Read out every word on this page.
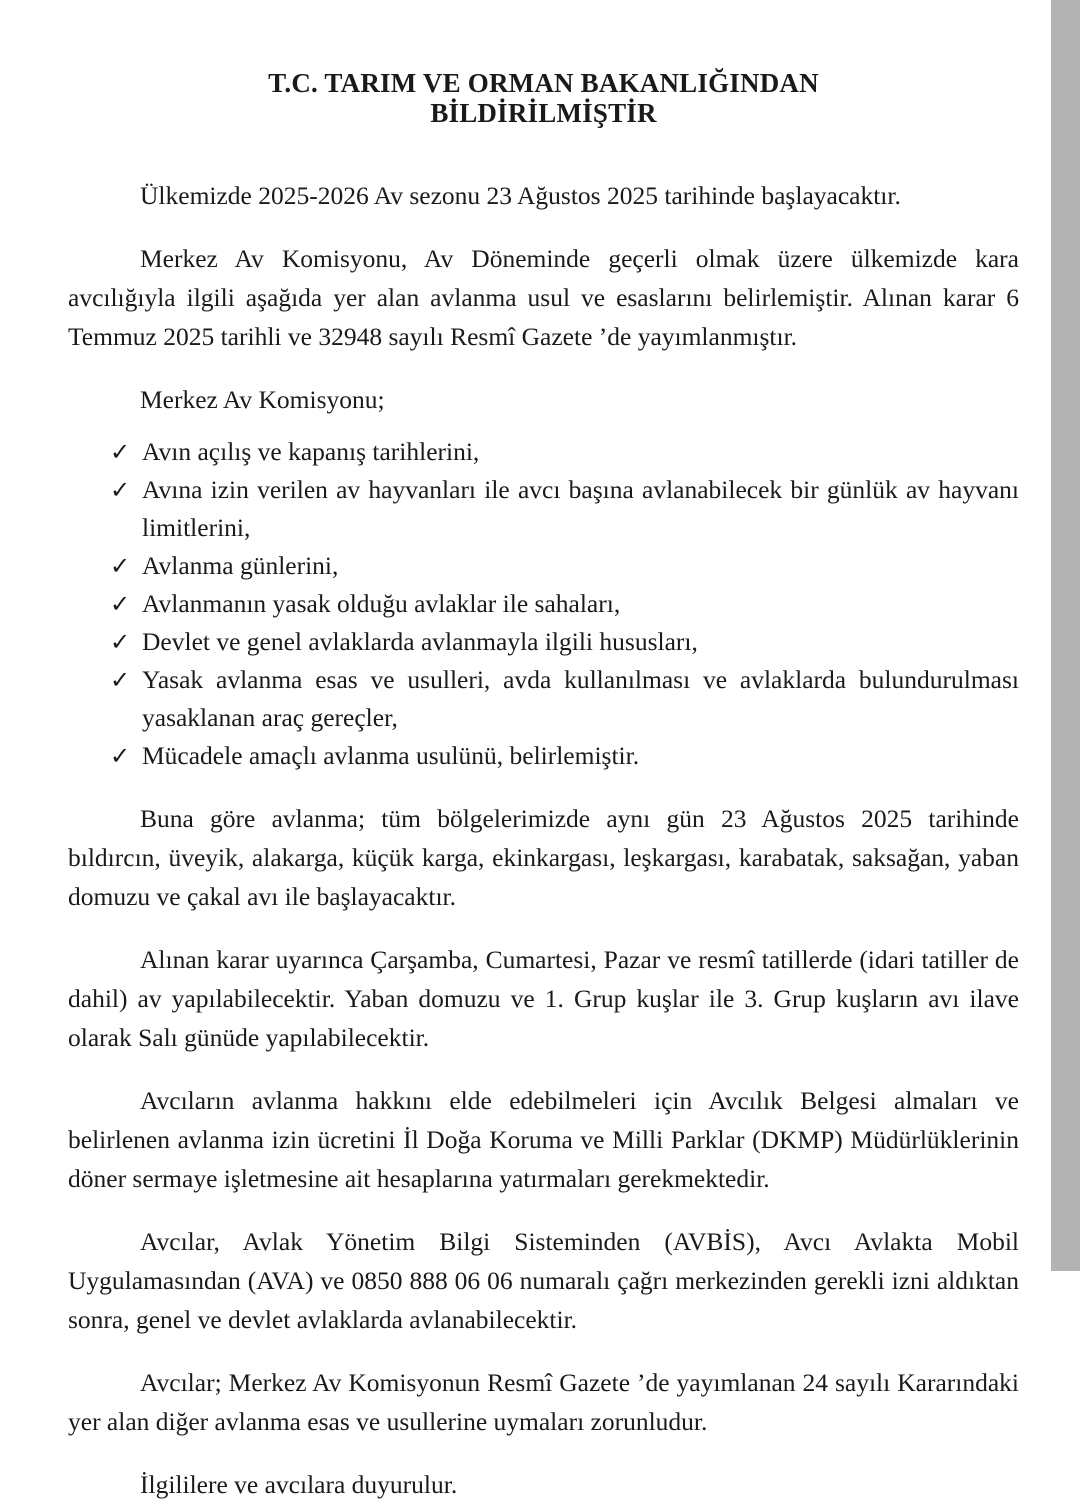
T.C. TARIM VE ORMAN BAKANLIĞINDAN
BİLDİRİLMİŞTİR

Ülkemizde 2025-2026 Av sezonu 23 Ağustos 2025 tarihinde başlayacaktır.

Merkez Av Komisyonu, Av Döneminde geçerli olmak üzere ülkemizde kara avcılığıyla ilgili aşağıda yer alan avlanma usul ve esaslarını belirlemiştir. Alınan karar 6 Temmuz 2025 tarihli ve 32948 sayılı Resmî Gazete ’de yayımlanmıştır.

Merkez Av Komisyonu;

✓ Avın açılış ve kapanış tarihlerini,
✓ Avına izin verilen av hayvanları ile avcı başına avlanabilecek bir günlük av hayvanı limitlerini,
✓ Avlanma günlerini,
✓ Avlanmanın yasak olduğu avlaklar ile sahaları,
✓ Devlet ve genel avlaklarda avlanmayla ilgili hususları,
✓ Yasak avlanma esas ve usulleri, avda kullanılması ve avlaklarda bulundurulması yasaklanan araç gereçler,
✓ Mücadele amaçlı avlanma usulünü, belirlemiştir.

Buna göre avlanma; tüm bölgelerimizde aynı gün 23 Ağustos 2025 tarihinde bıldırcın, üveyik, alakarga, küçük karga, ekinkargası, leşkargası, karabatak, saksağan, yaban domuzu ve çakal avı ile başlayacaktır.

Alınan karar uyarınca Çarşamba, Cumartesi, Pazar ve resmî tatillerde (idari tatiller de dahil) av yapılabilecektir. Yaban domuzu ve 1. Grup kuşlar ile 3. Grup kuşların avı ilave olarak Salı günüde yapılabilecektir.

Avcıların avlanma hakkını elde edebilmeleri için Avcılık Belgesi almaları ve belirlenen avlanma izin ücretini İl Doğa Koruma ve Milli Parklar (DKMP) Müdürlüklerinin döner sermaye işletmesine ait hesaplarına yatırmaları gerekmektedir.

Avcılar, Avlak Yönetim Bilgi Sisteminden (AVBİS), Avcı Avlakta Mobil Uygulamasından (AVA) ve 0850 888 06 06 numaralı çağrı merkezinden gerekli izni aldıktan sonra, genel ve devlet avlaklarda avlanabilecektir.

Avcılar; Merkez Av Komisyonun Resmî Gazete ’de yayımlanan 24 sayılı Kararındaki yer alan diğer avlanma esas ve usullerine uymaları zorunludur.

İlgililere ve avcılara duyurulur.
